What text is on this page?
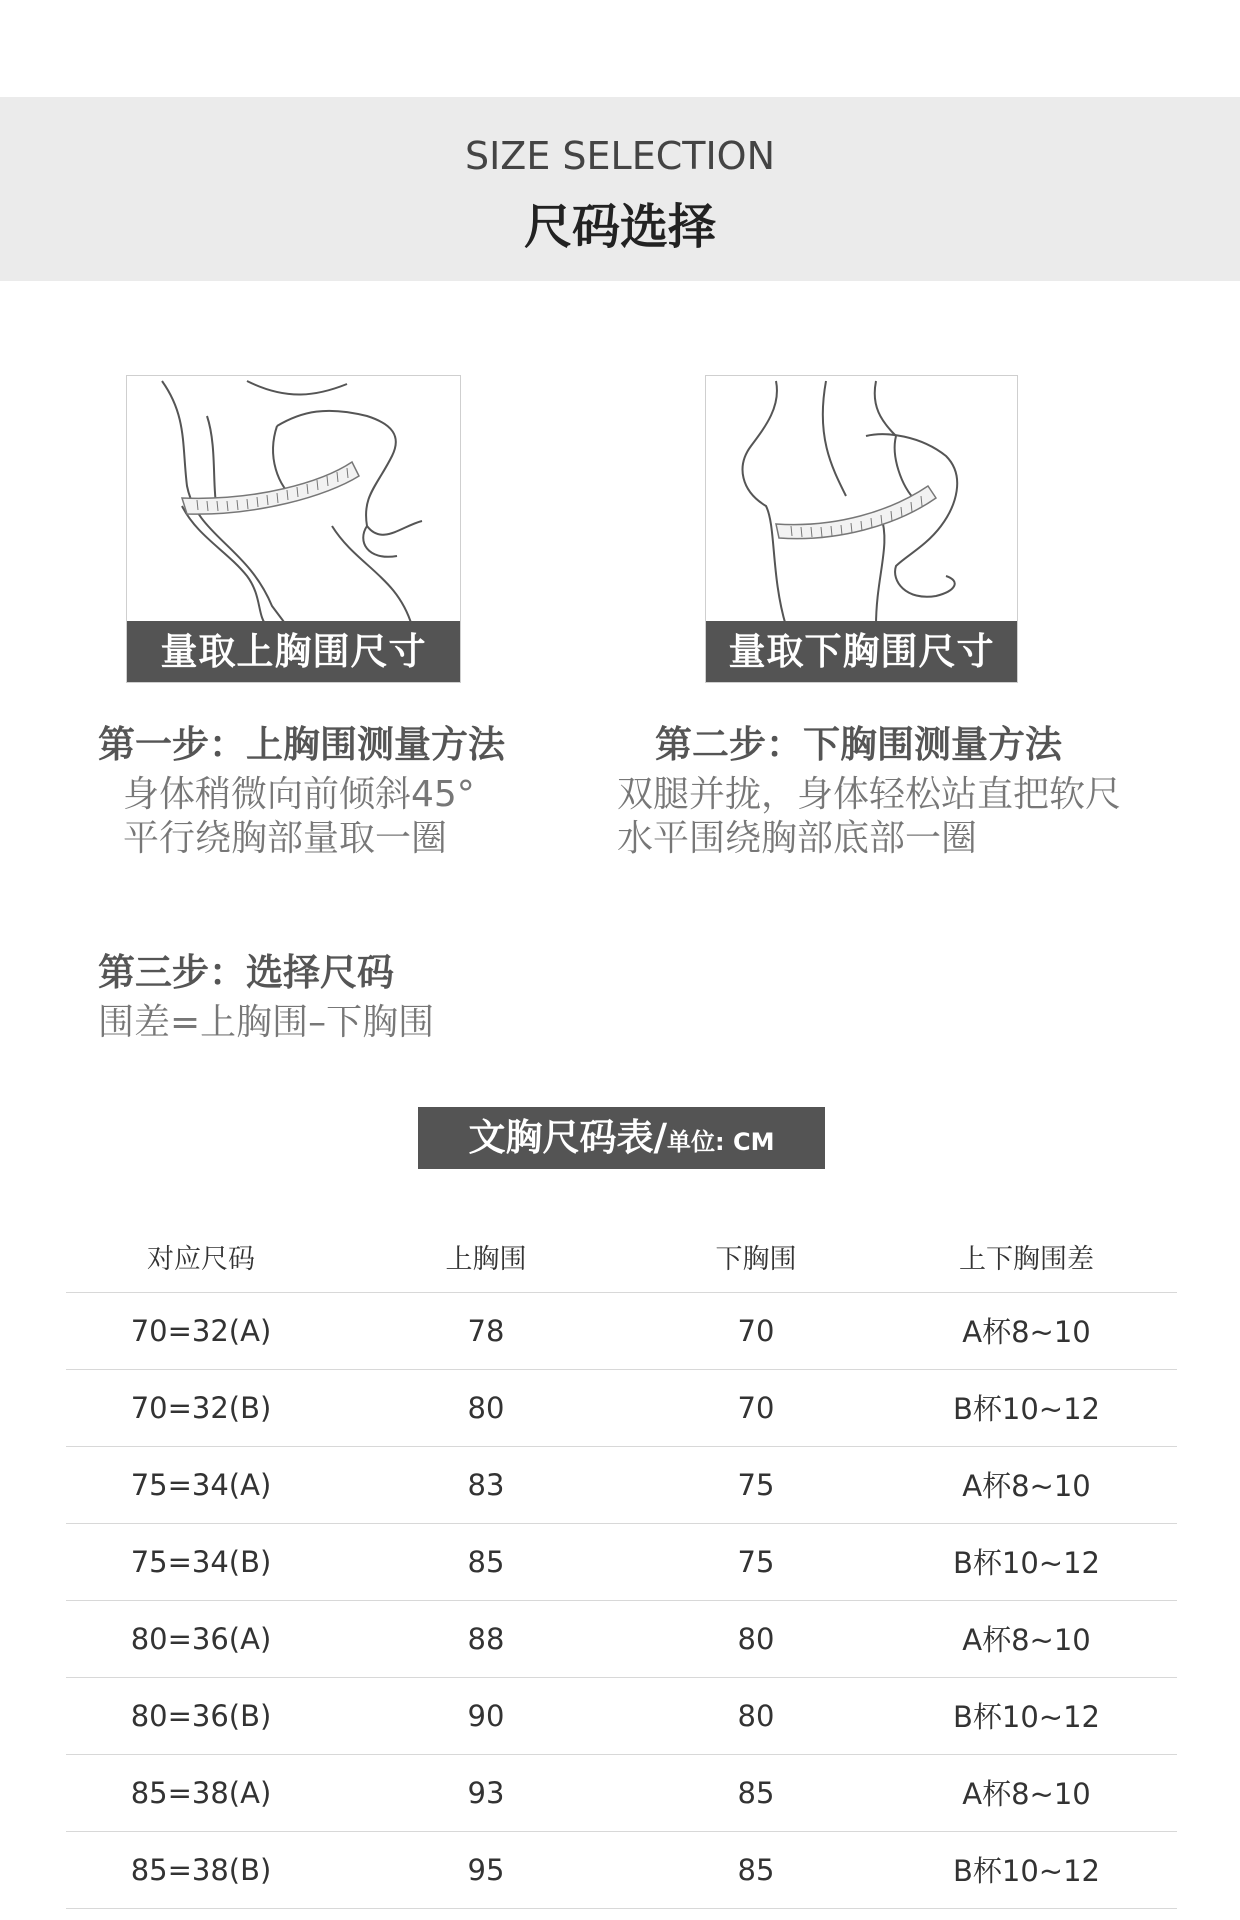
SIZE SELECTION
尺码选择
量取上胸围尺寸	量取下胸围尺寸
第一步：上胸围测量方法
身体稍微向前倾斜45°
平行绕胸部量取一圈
第二步：下胸围测量方法
双腿并拢，身体轻松站直把软尺
水平围绕胸部底部一圈
第三步：选择尺码
围差=上胸围–下胸围
文胸尺码表/单位: CM
对应尺码	上胸围	下胸围	上下胸围差
70=32(A)	78	70	A杯8~10
70=32(B)	80	70	B杯10~12
75=34(A)	83	75	A杯8~10
75=34(B)	85	75	B杯10~12
80=36(A)	88	80	A杯8~10
80=36(B)	90	80	B杯10~12
85=38(A)	93	85	A杯8~10
85=38(B)	95	85	B杯10~12
